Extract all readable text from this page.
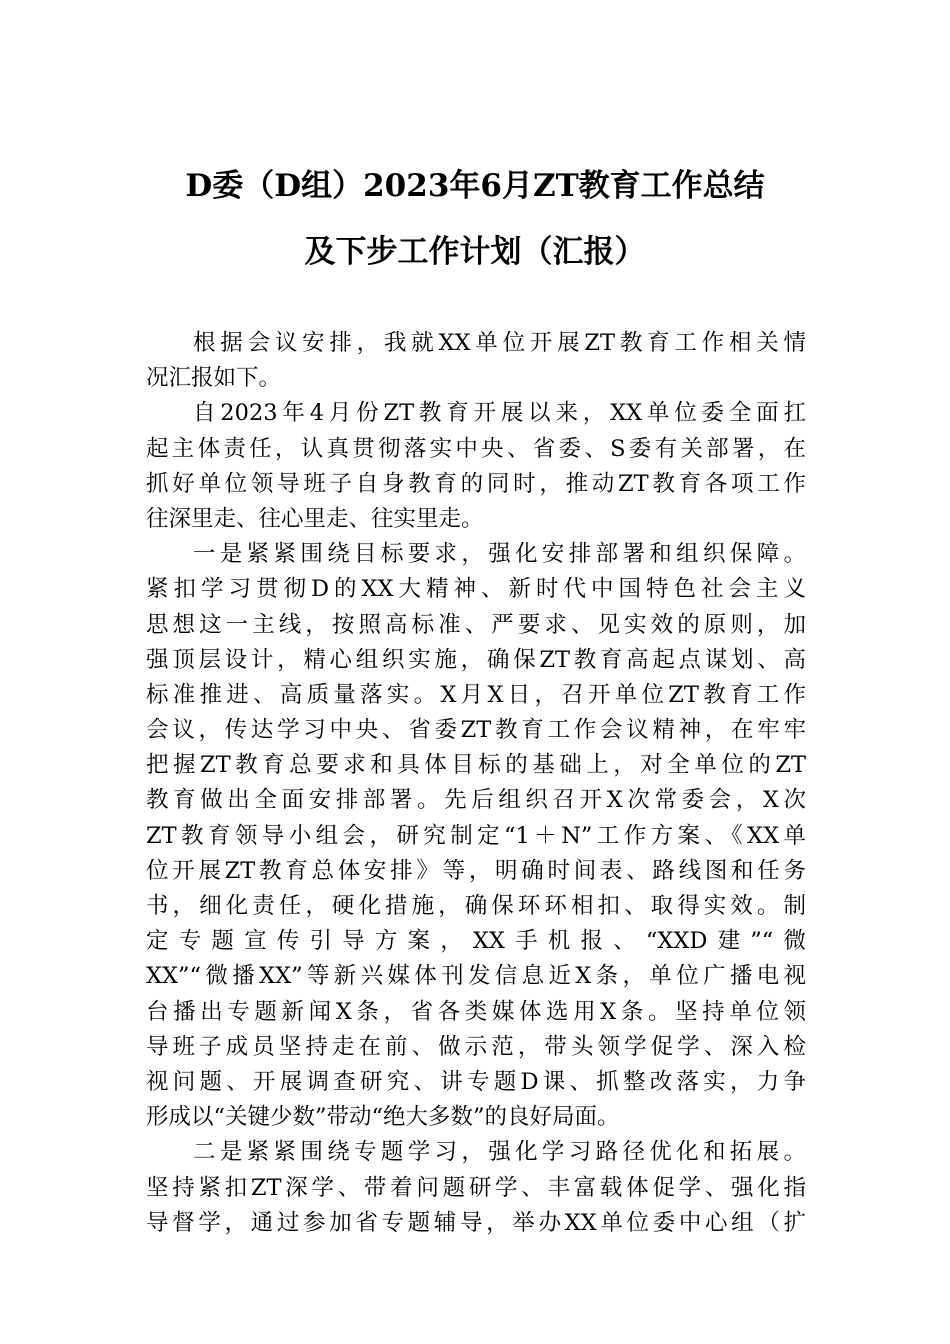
D委（D组）2023年6月ZT教育工作总结
及下步工作计划（汇报）
根据会议安排，我就XX单位开展ZT教育工作相关情
况汇报如下。
自2023年4月份ZT教育开展以来，XX单位委全面扛
起主体责任，认真贯彻落实中央、省委、S委有关部署，在
抓好单位领导班子自身教育的同时，推动ZT教育各项工作
往深里走、往心里走、往实里走。
一是紧紧围绕目标要求，强化安排部署和组织保障。
紧扣学习贯彻D的XX大精神、新时代中国特色社会主义
思想这一主线，按照高标准、严要求、见实效的原则，加
强顶层设计，精心组织实施，确保ZT教育高起点谋划、高
标准推进、高质量落实。X月X日，召开单位ZT教育工作
会议，传达学习中央、省委ZT教育工作会议精神，在牢牢
把握ZT教育总要求和具体目标的基础上，对全单位的ZT
教育做出全面安排部署。先后组织召开X次常委会，X次
ZT教育领导小组会，研究制定“1＋N”工作方案、《XX单
位开展ZT教育总体安排》等，明确时间表、路线图和任务
书，细化责任，硬化措施，确保环环相扣、取得实效。制
定专题宣传引导方案，XX手机报、“XXD建”“微
XX”“微播XX”等新兴媒体刊发信息近X条，单位广播电视
台播出专题新闻X条，省各类媒体选用X条。坚持单位领
导班子成员坚持走在前、做示范，带头领学促学、深入检
视问题、开展调查研究、讲专题D课、抓整改落实，力争
形成以“关键少数”带动“绝大多数”的良好局面。
二是紧紧围绕专题学习，强化学习路径优化和拓展。
坚持紧扣ZT深学、带着问题研学、丰富载体促学、强化指
导督学，通过参加省专题辅导，举办XX单位委中心组（扩
